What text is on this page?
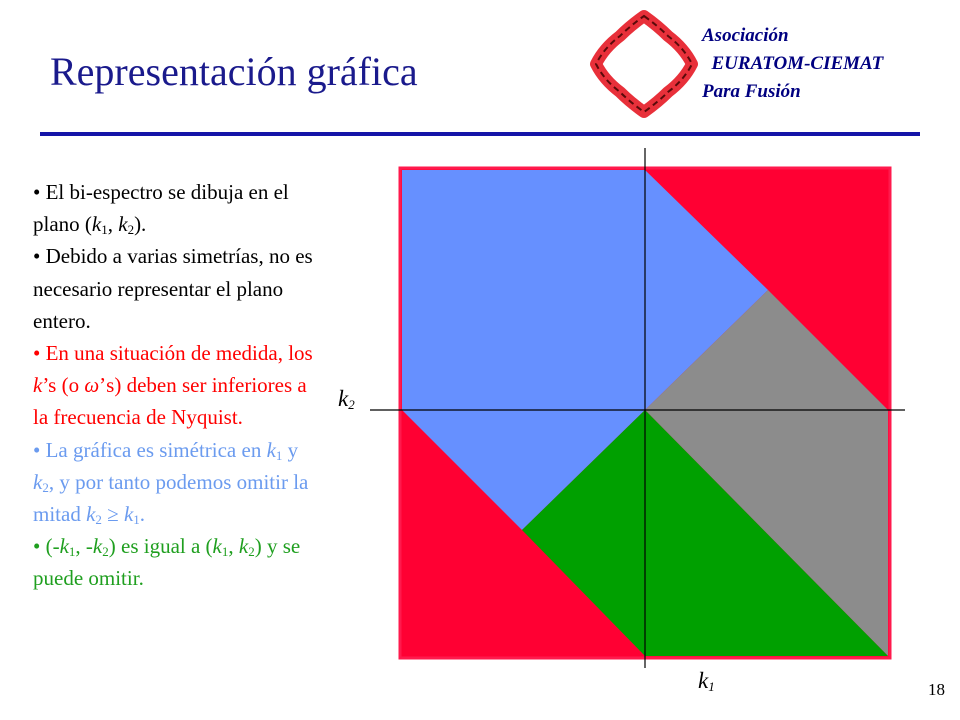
Representación gráfica
Asociación
EURATOM-CIEMAT
Para Fusión

• El bi-espectro se dibuja en el plano ($k_1$, $k_2$).

• Debido a varias simetrías, no es necesario representar el plano entero.

• En una situación de medida, los k’s (o ω’s) deben ser inferiores a la frecuencia de Nyquist.

• La gráfica es simétrica en $k_1$ y $k_2$, y por tanto podemos omitir la mitad $k_2 \ge k_1$.

• ($-k_1$, $-k_2$) es igual a ($k_1$, $k_2$) y se puede omitir.

$k_2$
$k_1$	18
